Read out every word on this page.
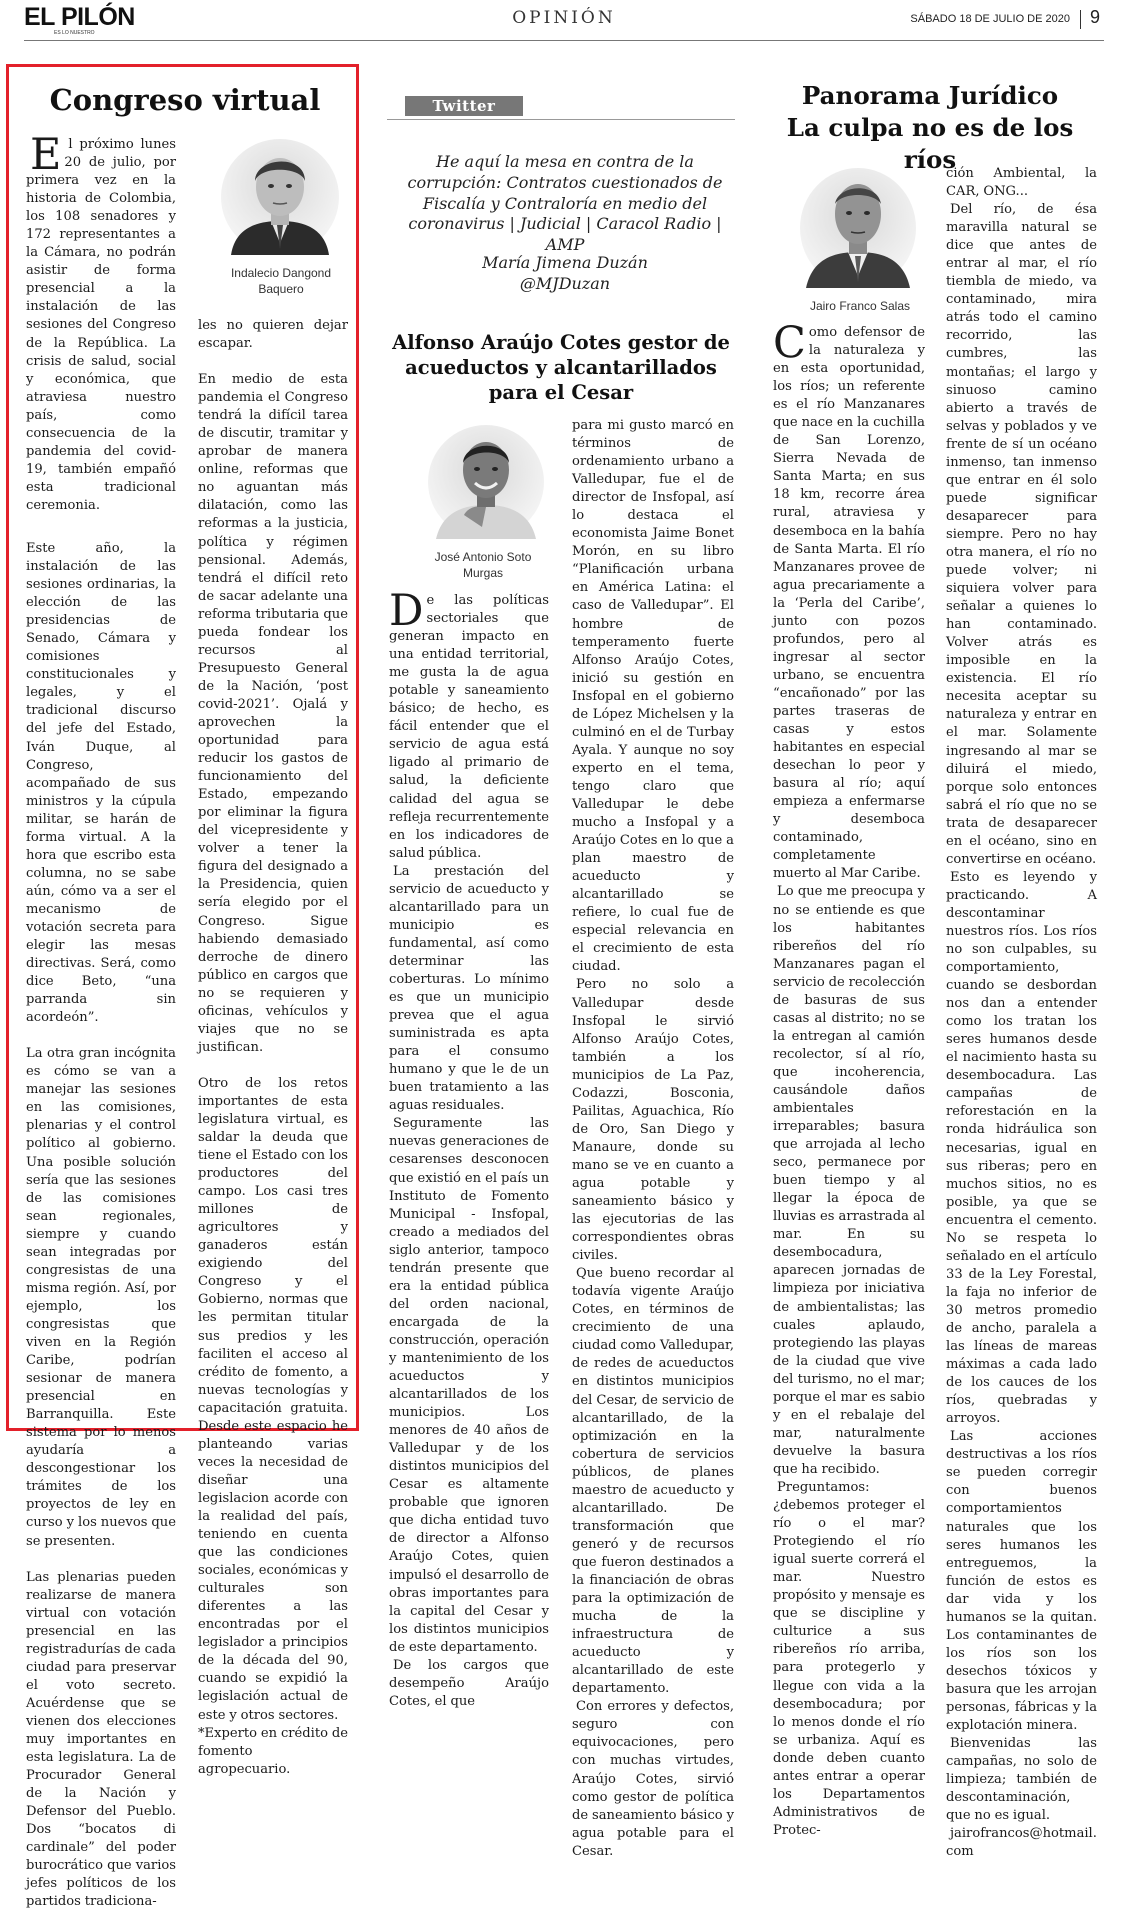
EL PILÓN
ES LO NUESTRO
OPINIÓN	SÁBADO 18 DE JULIO DE 2020 9
Congreso virtual
Indalecio Dangond Baquero

El próximo lunes 20 de julio, por primera vez en la historia de Colombia, los 108 senadores y 172 representantes a la Cámara, no podrán asistir de forma presencial a la instalación de las sesiones del Congreso de la República. La crisis de salud, social y económica, que atraviesa nuestro país, como consecuencia de la pandemia del covid-19, también empañó esta tradicional ceremonia.

Este año, la instalación de las sesiones ordinarias, la elección de las presidencias de Senado, Cámara y comisiones constitucionales y legales, y el tradicional discurso del jefe del Estado, Iván Duque, al Congreso, acompañado de sus ministros y la cúpula militar, se harán de forma virtual. A la hora que escribo esta columna, no se sabe aún, cómo va a ser el mecanismo de votación secreta para elegir las mesas directivas. Será, como dice Beto, “una parranda sin acordeón”.

La otra gran incógnita es cómo se van a manejar las sesiones en las comisiones, plenarias y el control político al gobierno. Una posible solución sería que las sesiones de las comisiones sean regionales, siempre y cuando sean integradas por congresistas de una misma región. Así, por ejemplo, los congresistas que viven en la Región Caribe, podrían sesionar de manera presencial en Barranquilla. Este sistema por lo menos ayudaría a descongestionar los trámites de los proyectos de ley en curso y los nuevos que se presenten.

Las plenarias pueden realizarse de manera virtual con votación presencial en las registradurías de cada ciudad para preservar el voto secreto. Acuérdense que se vienen dos elecciones muy importantes en esta legislatura. La de Procurador General de la Nación y Defensor del Pueblo. Dos “bocatos di cardinale” del poder burocrático que varios jefes políticos de los partidos tradiciona-

les no quieren dejar escapar.

En medio de esta pandemia el Congreso tendrá la difícil tarea de discutir, tramitar y aprobar de manera online, reformas que no aguantan más dilatación, como las reformas a la justicia, política y régimen pensional. Además, tendrá el difícil reto de sacar adelante una reforma tributaria que pueda fondear los recursos al Presupuesto General de la Nación, ‘post covid-2021’. Ojalá y aprovechen la oportunidad para reducir los gastos de funcionamiento del Estado, empezando por eliminar la figura del vicepresidente y volver a tener la figura del designado a la Presidencia, quien sería elegido por el Congreso. Sigue habiendo demasiado derroche de dinero público en cargos que no se requieren y oficinas, vehículos y viajes que no se justifican.

Otro de los retos importantes de esta legislatura virtual, es saldar la deuda que tiene el Estado con los productores del campo. Los casi tres millones de agricultores y ganaderos están exigiendo del Congreso y el Gobierno, normas que les permitan titular sus predios y les faciliten el acceso al crédito de fomento, a nuevas tecnologías y capacitación gratuita. Desde este espacio he planteando varias veces la necesidad de diseñar una legislacion acorde con la realidad del país, teniendo en cuenta que las condiciones sociales, económicas y culturales son diferentes a las encontradas por el legislador a principios de la década del 90, cuando se expidió la legislación actual de este y otros sectores.

*Experto en crédito de fomento agropecuario.

Twitter
He aquí la mesa en contra de la corrupción: Contratos cuestionados de Fiscalía y Contraloría en medio del coronavirus | Judicial | Caracol Radio | AMP
María Jimena Duzán
@MJDuzan
Alfonso Araújo Cotes gestor de acueductos y alcantarillados para el Cesar
José Antonio Soto Murgas

De las políticas sectoriales que generan impacto en una entidad territorial, me gusta la de agua potable y saneamiento básico; de hecho, es fácil entender que el servicio de agua está ligado al primario de salud, la deficiente calidad del agua se refleja recurrentemente en los indicadores de salud pública.

La prestación del servicio de acueducto y alcantarillado para un municipio es fundamental, así como determinar las coberturas. Lo mínimo es que un municipio prevea que el agua suministrada es apta para el consumo humano y que le de un buen tratamiento a las aguas residuales.

Seguramente las nuevas generaciones de cesarenses desconocen que existió en el país un Instituto de Fomento Municipal - Insfopal, creado a mediados del siglo anterior, tampoco tendrán presente que era la entidad pública del orden nacional, encargada de la construcción, operación y mantenimiento de los acueductos y alcantarillados de los municipios. Los menores de 40 años de Valledupar y de los distintos municipios del Cesar es altamente probable que ignoren que dicha entidad tuvo de director a Alfonso Araújo Cotes, quien impulsó el desarrollo de obras importantes para la capital del Cesar y los distintos municipios de este departamento.

De los cargos que desempeño Araújo Cotes, el que

para mi gusto marcó en términos de ordenamiento urbano a Valledupar, fue el de director de Insfopal, así lo destaca el economista Jaime Bonet Morón, en su libro “Planificación urbana en América Latina: el caso de Valledupar”. El hombre de temperamento fuerte Alfonso Araújo Cotes, inició su gestión en Insfopal en el gobierno de López Michelsen y la culminó en el de Turbay Ayala. Y aunque no soy experto en el tema, tengo claro que Valledupar le debe mucho a Insfopal y a Araújo Cotes en lo que a plan maestro de acueducto y alcantarillado se refiere, lo cual fue de especial relevancia en el crecimiento de esta ciudad.

Pero no solo a Valledupar desde Insfopal le sirvió Alfonso Araújo Cotes, también a los municipios de La Paz, Codazzi, Bosconia, Pailitas, Aguachica, Río de Oro, San Diego y Manaure, donde su mano se ve en cuanto a agua potable y saneamiento básico y las ejecutorias de las correspondientes obras civiles.

Que bueno recordar al todavía vigente Araújo Cotes, en términos de crecimiento de una ciudad como Valledupar, de redes de acueductos en distintos municipios del Cesar, de servicio de alcantarillado, de la optimización en la cobertura de servicios públicos, de planes maestro de acueducto y alcantarillado. De transformación que generó y de recursos que fueron destinados a la financiación de obras para la optimización de mucha de la infraestructura de acueducto y alcantarillado de este departamento.

Con errores y defectos, seguro con equivocaciones, pero con muchas virtudes, Araújo Cotes, sirvió como gestor de política de saneamiento básico y agua potable para el Cesar.

Panorama Jurídico
La culpa no es de los ríos
Jairo Franco Salas

Como defensor de la naturaleza y en esta oportunidad, los ríos; un referente es el río Manzanares que nace en la cuchilla de San Lorenzo, Sierra Nevada de Santa Marta; en sus 18 km, recorre área rural, atraviesa y desemboca en la bahía de Santa Marta. El río Manzanares provee de agua precariamente a la ‘Perla del Caribe’, junto con pozos profundos, pero al ingresar al sector urbano, se encuentra “encañonado” por las partes traseras de casas y estos habitantes en especial desechan lo peor y basura al río; aquí empieza a enfermarse y desemboca contaminado, completamente muerto al Mar Caribe.

Lo que me preocupa y no se entiende es que los habitantes ribereños del río Manzanares pagan el servicio de recolección de basuras de sus casas al distrito; no se la entregan al camión recolector, sí al río, que incoherencia, causándole daños ambientales irreparables; basura que arrojada al lecho seco, permanece por buen tiempo y al llegar la época de lluvias es arrastrada al mar. En su desembocadura, aparecen jornadas de limpieza por iniciativa de ambientalistas; las cuales aplaudo, protegiendo las playas de la ciudad que vive del turismo, no el mar; porque el mar es sabio y en el rebalaje del mar, naturalmente devuelve la basura que ha recibido.

Preguntamos: ¿debemos proteger el río o el mar? Protegiendo el río igual suerte correrá el mar. Nuestro propósito y mensaje es que se discipline y culturice a sus ribereños río arriba, para protegerlo y llegue con vida a la desembocadura; por lo menos donde el río se urbaniza. Aquí es donde deben cuanto antes entrar a operar los Departamentos Administrativos de Protec-

ción Ambiental, la CAR, ONG...

Del río, de ésa maravilla natural se dice que antes de entrar al mar, el río tiembla de miedo, va contaminado, mira atrás todo el camino recorrido, las cumbres, las montañas; el largo y sinuoso camino abierto a través de selvas y poblados y ve frente de sí un océano inmenso, tan inmenso que entrar en él solo puede significar desaparecer para siempre. Pero no hay otra manera, el río no puede volver; ni siquiera volver para señalar a quienes lo han contaminado. Volver atrás es imposible en la existencia. El río necesita aceptar su naturaleza y entrar en el mar. Solamente ingresando al mar se diluirá el miedo, porque solo entonces sabrá el río que no se trata de desaparecer en el océano, sino en convertirse en océano.

Esto es leyendo y practicando. A descontaminar nuestros ríos. Los ríos no son culpables, su comportamiento, cuando se desbordan nos dan a entender como los tratan los seres humanos desde el nacimiento hasta su desembocadura. Las campañas de reforestación en la ronda hidráulica son necesarias, igual en sus riberas; pero en muchos sitios, no es posible, ya que se encuentra el cemento. No se respeta lo señalado en el artículo 33 de la Ley Forestal, la faja no inferior de 30 metros promedio de ancho, paralela a las líneas de mareas máximas a cada lado de los cauces de los ríos, quebradas y arroyos.

Las acciones destructivas a los ríos se pueden corregir con buenos comportamientos naturales que los seres humanos les entreguemos, la función de estos es dar vida y los humanos se la quitan. Los contaminantes de los ríos son los desechos tóxicos y basura que les arrojan personas, fábricas y la explotación minera.

Bienvenidas las campañas, no solo de limpieza; también de descontaminación, que no es igual.

jairofrancos@hotmail.com
